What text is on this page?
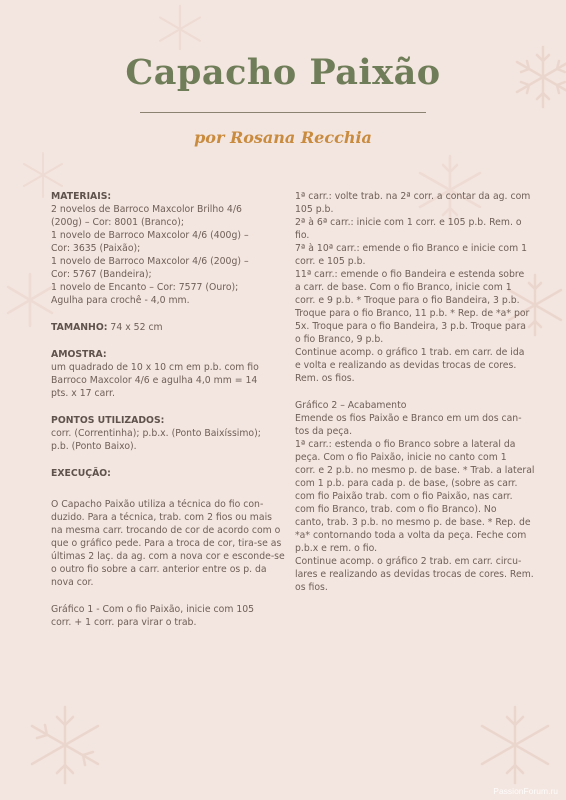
Capacho Paixão
por Rosana Recchia
MATERIAIS:
2 novelos de Barroco Maxcolor Brilho 4/6
(200g) – Cor: 8001 (Branco);
1 novelo de Barroco Maxcolor 4/6 (400g) –
Cor: 3635 (Paixão);
1 novelo de Barroco Maxcolor 4/6 (200g) –
Cor: 5767 (Bandeira);
1 novelo de Encanto – Cor: 7577 (Ouro);
Agulha para crochê - 4,0 mm.
TAMANHO: 74 x 52 cm
AMOSTRA:
um quadrado de 10 x 10 cm em p.b. com fio
Barroco Maxcolor 4/6 e agulha 4,0 mm = 14
pts. x 17 carr.
PONTOS UTILIZADOS:
corr. (Correntinha); p.b.x. (Ponto Baixíssimo);
p.b. (Ponto Baixo).
EXECUÇÃO:
O Capacho Paixão utiliza a técnica do fio con-
duzido. Para a técnica, trab. com 2 fios ou mais
na mesma carr. trocando de cor de acordo com o
que o gráfico pede. Para a troca de cor, tira-se as
últimas 2 laç. da ag. com a nova cor e esconde-se
o outro fio sobre a carr. anterior entre os p. da
nova cor.
Gráfico 1 - Com o fio Paixão, inicie com 105
corr. + 1 corr. para virar o trab.
1ª carr.: volte trab. na 2ª corr. a contar da ag. com
105 p.b.
2ª à 6ª carr.: inicie com 1 corr. e 105 p.b. Rem. o
fio.
7ª à 10ª carr.: emende o fio Branco e inicie com 1
corr. e 105 p.b.
11ª carr.: emende o fio Bandeira e estenda sobre
a carr. de base. Com o fio Branco, inicie com 1
corr. e 9 p.b. * Troque para o fio Bandeira, 3 p.b.
Troque para o fio Branco, 11 p.b. * Rep. de *a* por
5x. Troque para o fio Bandeira, 3 p.b. Troque para
o fio Branco, 9 p.b.
Continue acomp. o gráfico 1 trab. em carr. de ida
e volta e realizando as devidas trocas de cores.
Rem. os fios.
Gráfico 2 – Acabamento
Emende os fios Paixão e Branco em um dos can-
tos da peça.
1ª carr.: estenda o fio Branco sobre a lateral da
peça. Com o fio Paixão, inicie no canto com 1
corr. e 2 p.b. no mesmo p. de base. * Trab. a lateral
com 1 p.b. para cada p. de base, (sobre as carr.
com fio Paixão trab. com o fio Paixão, nas carr.
com fio Branco, trab. com o fio Branco). No
canto, trab. 3 p.b. no mesmo p. de base. * Rep. de
*a* contornando toda a volta da peça. Feche com
p.b.x e rem. o fio.
Continue acomp. o gráfico 2 trab. em carr. circu-
lares e realizando as devidas trocas de cores. Rem.
os fios.
PassionForum.ru
